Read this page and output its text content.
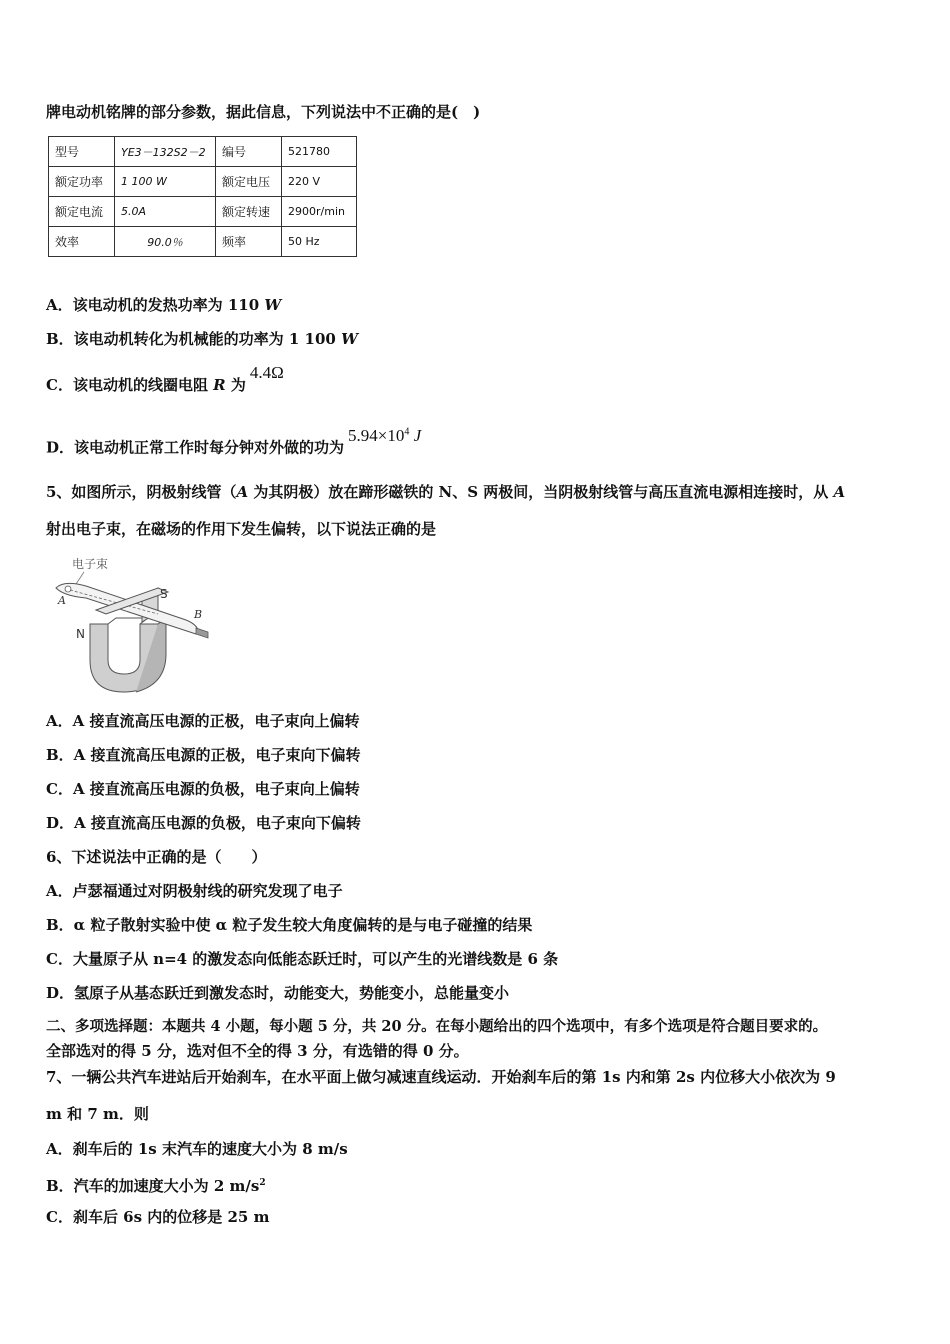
牌电动机铭牌的部分参数，据此信息，下列说法中不正确的是(　)
型号	YE3－132S2－2	编号	521780
额定功率	1 100 W	额定电压	220 V
额定电流	5.0A	额定转速	2900r/min
效率	90.0％	频率	50 Hz
A．该电动机的发热功率为 110 W
B．该电动机转化为机械能的功率为 1 100 W
C．该电动机的线圈电阻 R 为4.4Ω
D．该电动机正常工作时每分钟对外做的功为$5.94\times 10^4$ J
5、如图所示，阴极射线管（A 为其阴极）放在蹄形磁铁的 N、S 两极间，当阴极射线管与高压直流电源相连接时，从 A
射出电子束，在磁场的作用下发生偏转，以下说法正确的是
电子束
S
N
A
B
A．A 接直流高压电源的正极，电子束向上偏转
B．A 接直流高压电源的正极，电子束向下偏转
C．A 接直流高压电源的负极，电子束向上偏转
D．A 接直流高压电源的负极，电子束向下偏转
6、下述说法中正确的是（　　）
A．卢瑟福通过对阴极射线的研究发现了电子
B．α 粒子散射实验中使 α 粒子发生较大角度偏转的是与电子碰撞的结果
C．大量原子从 n=4 的激发态向低能态跃迁时，可以产生的光谱线数是 6 条
D．氢原子从基态跃迁到激发态时，动能变大，势能变小，总能量变小
二、多项选择题：本题共 4 小题，每小题 5 分，共 20 分。在每小题给出的四个选项中，有多个选项是符合题目要求的。
全部选对的得 5 分，选对但不全的得 3 分，有选错的得 0 分。
7、一辆公共汽车进站后开始刹车，在水平面上做匀减速直线运动．开始刹车后的第 1s 内和第 2s 内位移大小依次为 9
m 和 7 m．则
A．刹车后的 1s 末汽车的速度大小为 8 m/s
B．汽车的加速度大小为 2 $m/s^2$
C．刹车后 6s 内的位移是 25 m
